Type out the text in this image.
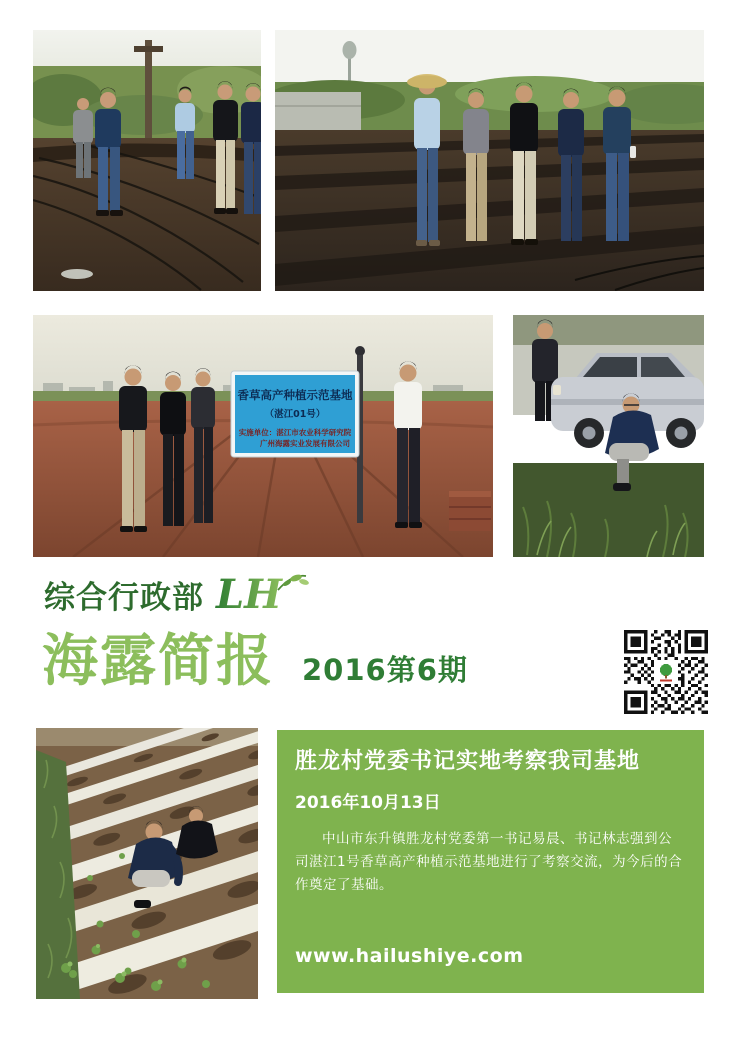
香草高产种植示范基地
（湛江01号）
实施单位：湛江市农业科学研究院
广州海露实业发展有限公司
综合行政部 LH
海露简报 2016第6期
胜龙村党委书记实地考察我司基地
2016年10月13日

中山市东升镇胜龙村党委第一书记易晨、书记林志强到公司湛江1号香草高产种植示范基地进行了考察交流，为今后的合作奠定了基础。

www.hailushiye.com
